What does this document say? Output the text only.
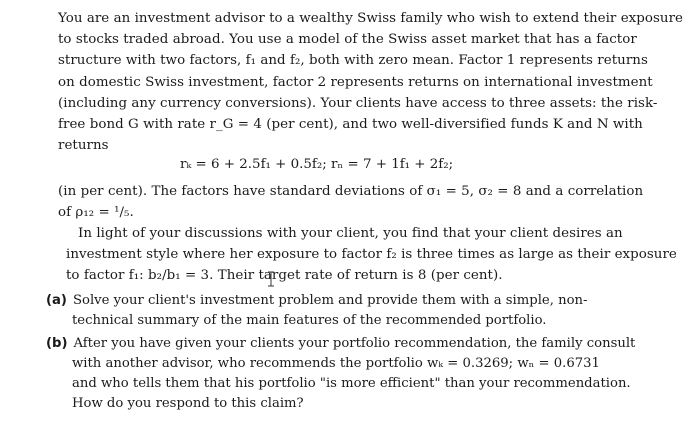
You are an investment advisor to a wealthy Swiss family who wish to extend their exposure
to stocks traded abroad. You use a model of the Swiss asset market that has a factor
structure with two factors, f₁ and f₂, both with zero mean. Factor 1 represents returns
on domestic Swiss investment, factor 2 represents returns on international investment
(including any currency conversions). Your clients have access to three assets: the risk-
free bond G with rate r_G = 4 (per cent), and two well-diversified funds K and N with
returns
rₖ = 6 + 2.5f₁ + 0.5f₂; rₙ = 7 + 1f₁ + 2f₂;
(in per cent). The factors have standard deviations of σ₁ = 5, σ₂ = 8 and a correlation
of ρ₁₂ = ¹/₅.
In light of your discussions with your client, you find that your client desires an
investment style where her exposure to factor f₂ is three times as large as their exposure
to factor f₁: b₂/b₁ = 3. Their target rate of return is 8 (per cent).
(a) Solve your client's investment problem and provide them with a simple, non-
technical summary of the main features of the recommended portfolio.
(b) After you have given your clients your portfolio recommendation, the family consult
with another advisor, who recommends the portfolio wₖ = 0.3269; wₙ = 0.6731
and who tells them that his portfolio "is more efficient" than your recommendation.
How do you respond to this claim?
